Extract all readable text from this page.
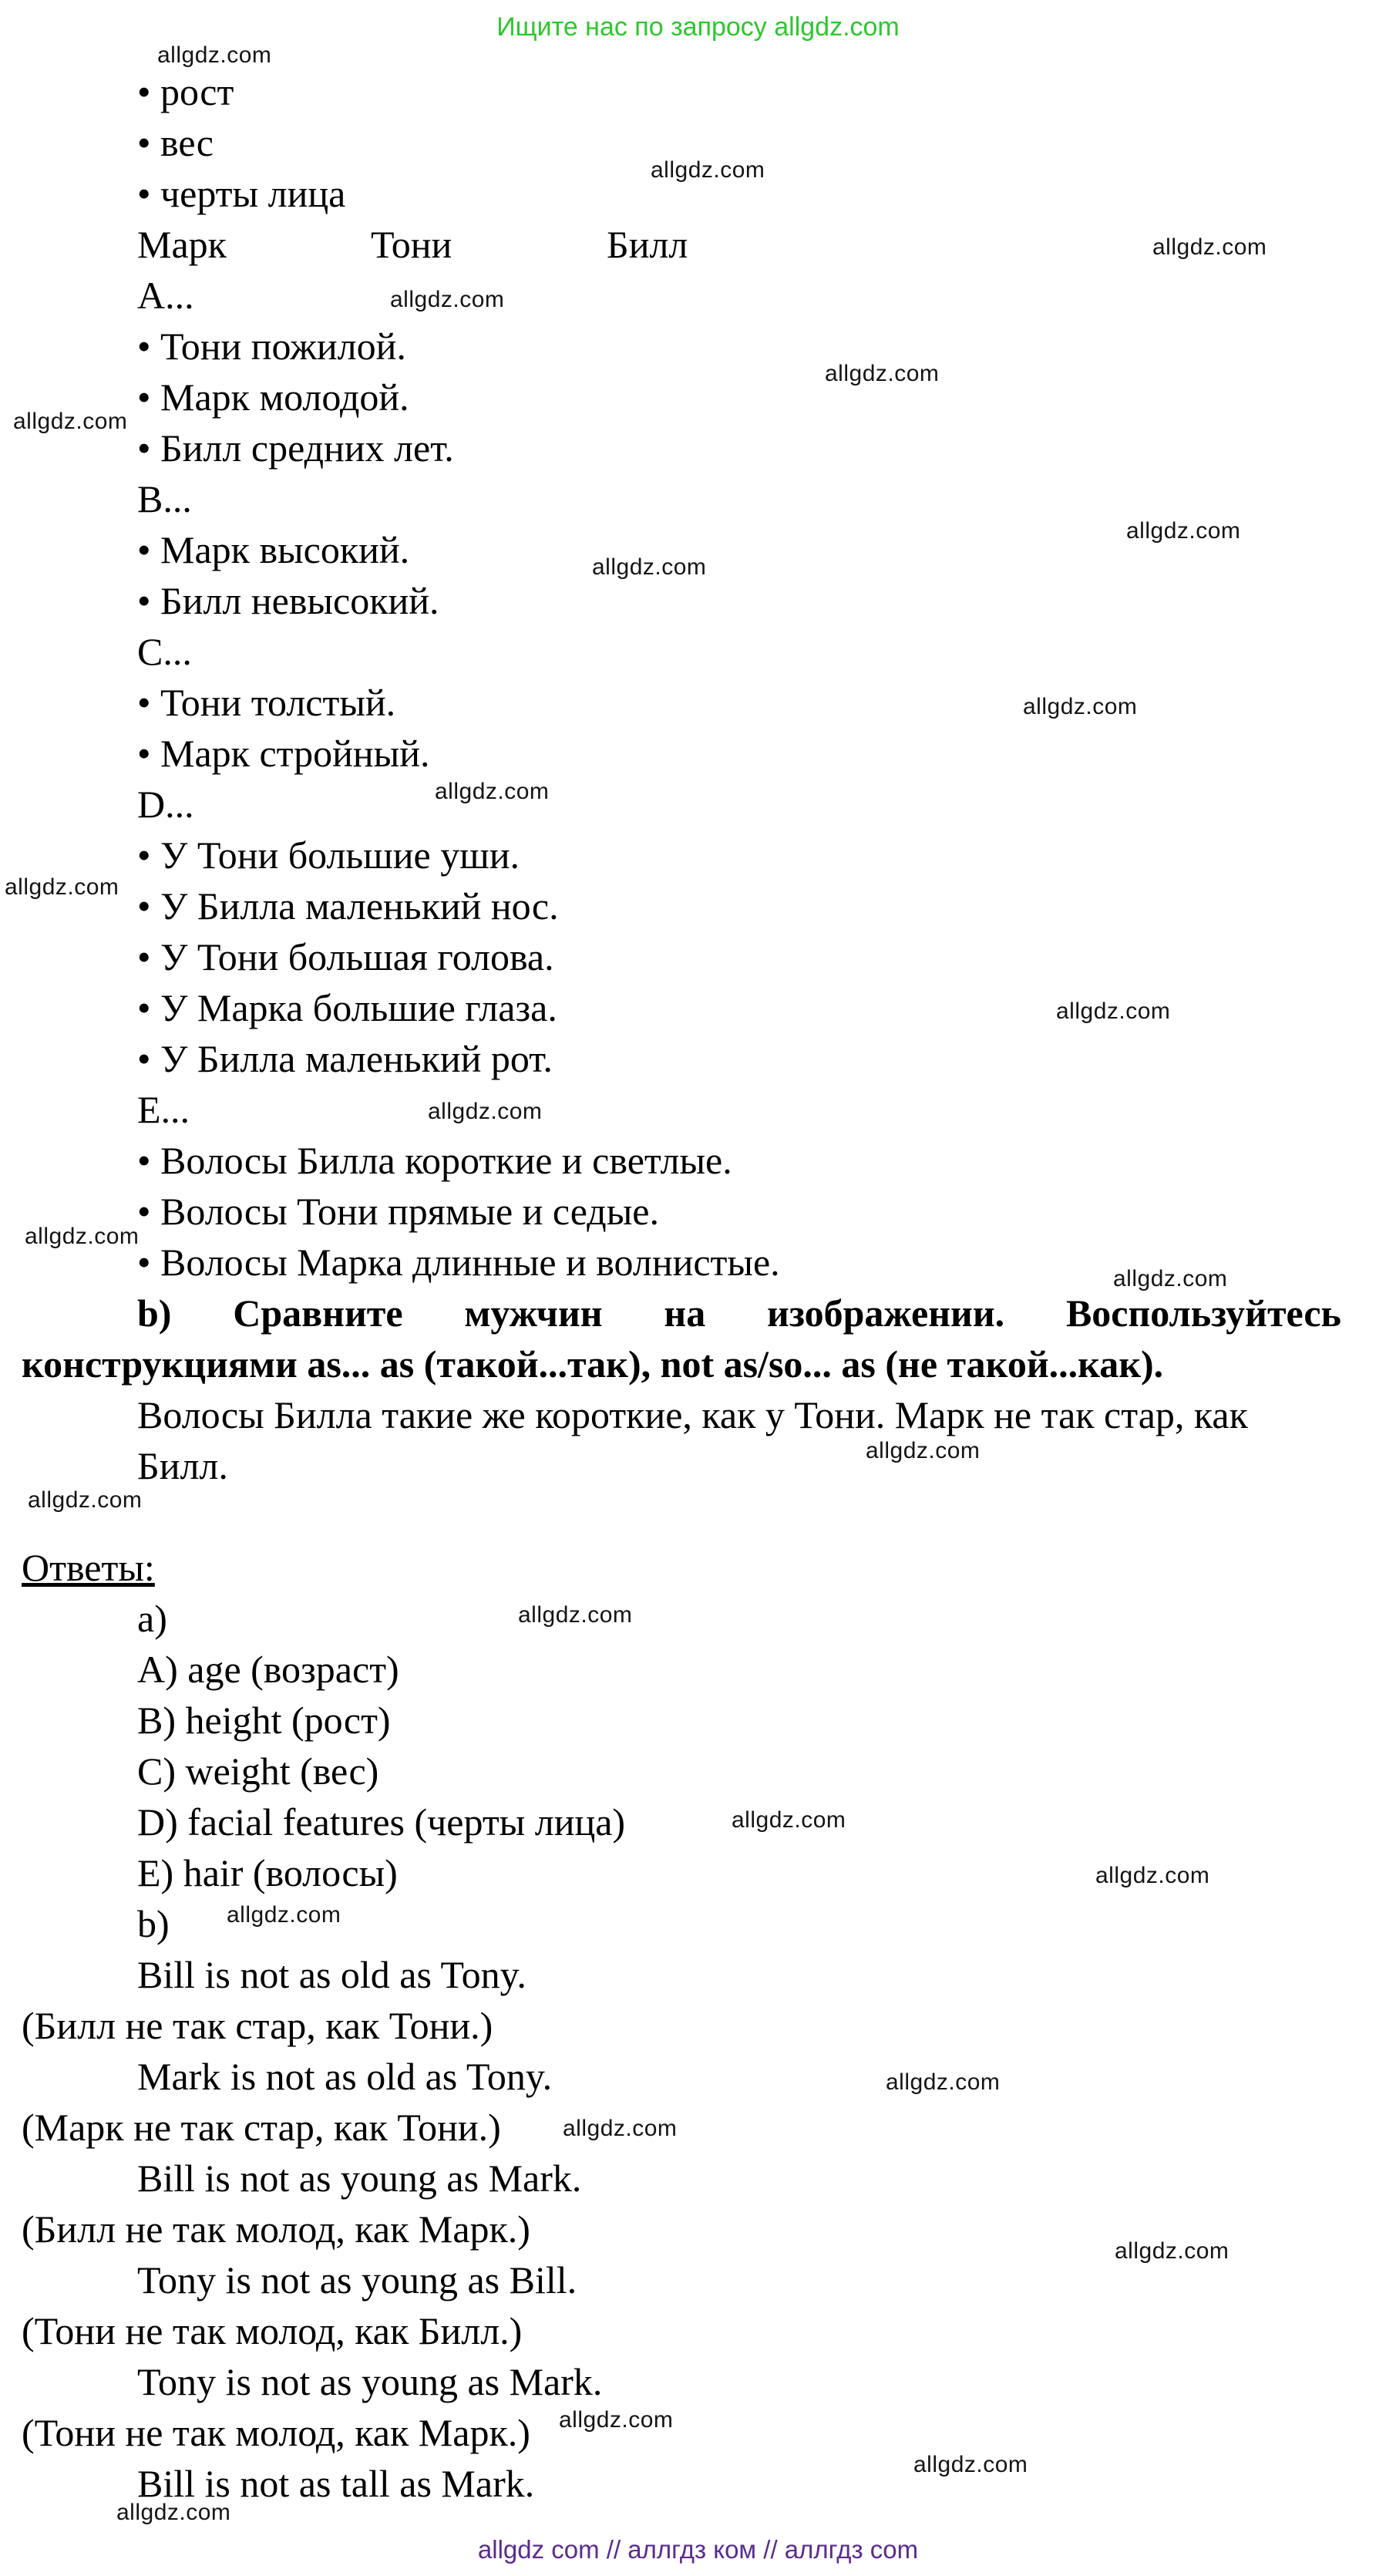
Ищите нас по запросу allgdz.com
• рост
• вес
• черты лица
Марк	Тони	Билл
A...
• Тони пожилой.
• Марк молодой.
• Билл средних лет.
B...
• Марк высокий.
• Билл невысокий.
C...
• Тони толстый.
• Марк стройный.
D...
• У Тони большие уши.
• У Билла маленький нос.
• У Тони большая голова.
• У Марка большие глаза.
• У Билла маленький рот.
E...
• Волосы Билла короткие и светлые.
• Волосы Тони прямые и седые.
• Волосы Марка длинные и волнистые.
b) Сравните мужчин на изображении. Воспользуйтесь
конструкциями as... as (такой...так), not as/so... as (не такой...как).
Волосы Билла такие же короткие, как у Тони. Марк не так стар, как
Билл.
Ответы:
a)
A) age (возраст)
B) height (рост)
C) weight (вес)
D) facial features (черты лица)
E) hair (волосы)
b)
Bill is not as old as Tony.
(Билл не так стар, как Тони.)
Mark is not as old as Tony.
(Марк не так стар, как Тони.)
Bill is not as young as Mark.
(Билл не так молод, как Марк.)
Tony is not as young as Bill.
(Тони не так молод, как Билл.)
Tony is not as young as Mark.
(Тони не так молод, как Марк.)
Bill is not as tall as Mark.
allgdz com // аллгдз ком // аллгдз com
allgdz.com
allgdz.com
allgdz.com
allgdz.com
allgdz.com
allgdz.com
allgdz.com
allgdz.com
allgdz.com
allgdz.com
allgdz.com
allgdz.com
allgdz.com
allgdz.com
allgdz.com
allgdz.com
allgdz.com
allgdz.com
allgdz.com
allgdz.com
allgdz.com
allgdz.com
allgdz.com
allgdz.com
allgdz.com
allgdz.com
allgdz.com
